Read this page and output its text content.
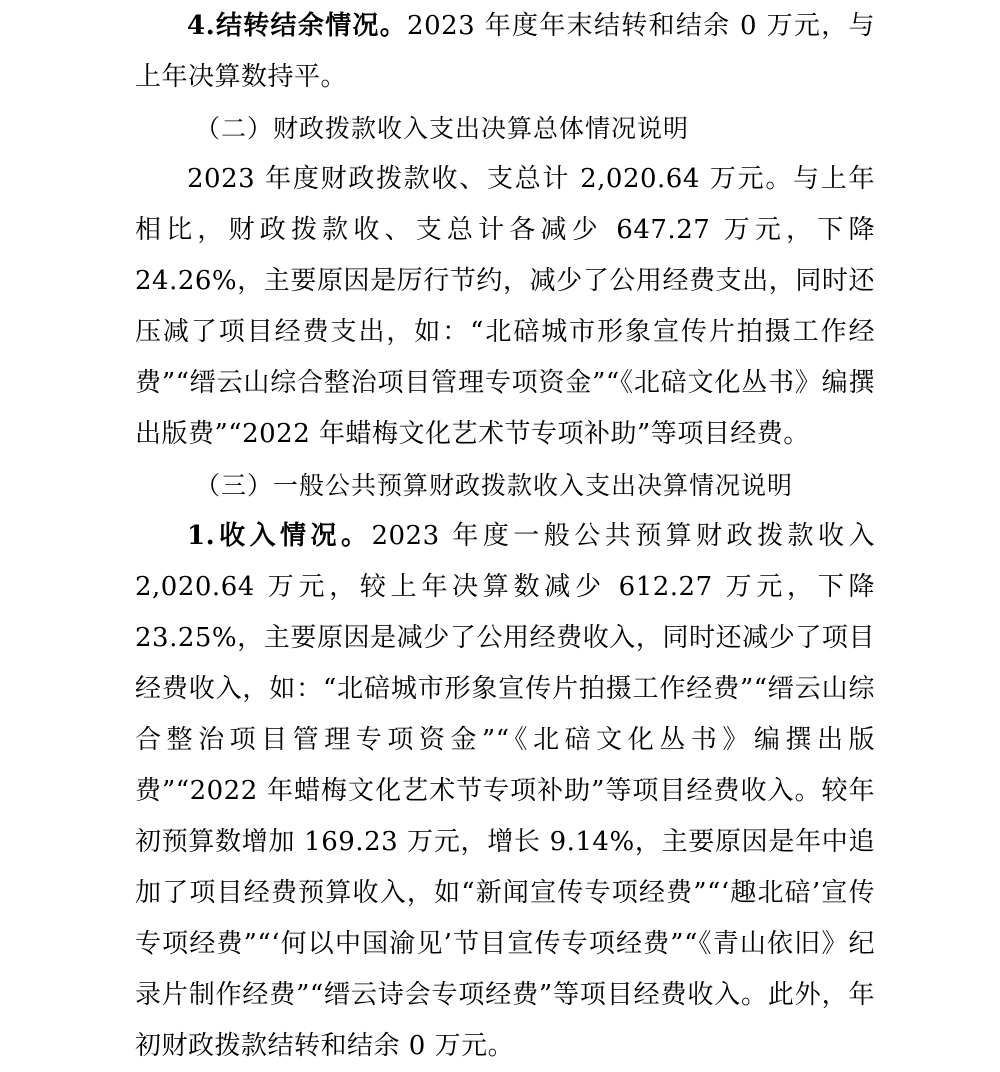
4.结转结余情况。2023 年度年末结转和结余 0 万元，与上年决算数持平。

（二）财政拨款收入支出决算总体情况说明

2023 年度财政拨款收、支总计 2,020.64 万元。与上年相比，财政拨款收、支总计各减少 647.27 万元，下降 24.26%，主要原因是厉行节约，减少了公用经费支出，同时还压减了项目经费支出，如：“北碚城市形象宣传片拍摄工作经费”“缙云山综合整治项目管理专项资金”“《北碚文化丛书》编撰出版费”“2022 年蜡梅文化艺术节专项补助”等项目经费。

（三）一般公共预算财政拨款收入支出决算情况说明

1.收入情况。2023 年度一般公共预算财政拨款收入 2,020.64 万元，较上年决算数减少 612.27 万元，下降 23.25%，主要原因是减少了公用经费收入，同时还减少了项目经费收入，如：“北碚城市形象宣传片拍摄工作经费”“缙云山综合整治项目管理专项资金”“《北碚文化丛书》编撰出版费”“2022 年蜡梅文化艺术节专项补助”等项目经费收入。较年初预算数增加 169.23 万元，增长 9.14%，主要原因是年中追加了项目经费预算收入，如“新闻宣传专项经费”“‘趣北碚’宣传专项经费”“‘何以中国渝见’节目宣传专项经费”“《青山依旧》纪录片制作经费”“缙云诗会专项经费”等项目经费收入。此外，年初财政拨款结转和结余 0 万元。
